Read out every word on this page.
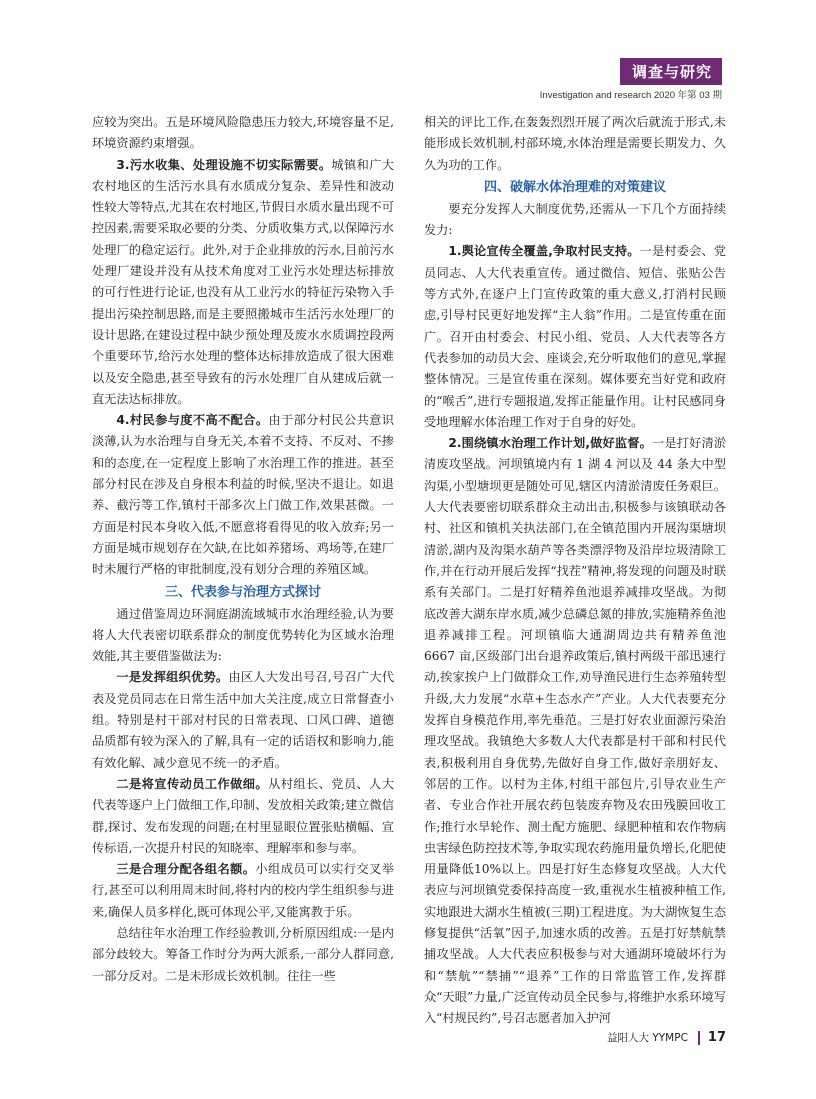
调查与研究
Investigation and research 2020 年第 03 期

应较为突出。五是环境风险隐患压力较大,环境容量不足,环境资源约束增强。

3.污水收集、处理设施不切实际需要。城镇和广大农村地区的生活污水具有水质成分复杂、差异性和波动性较大等特点,尤其在农村地区,节假日水质水量出现不可控因素,需要采取必要的分类、分质收集方式,以保障污水处理厂的稳定运行。此外,对于企业排放的污水,目前污水处理厂建设并没有从技术角度对工业污水处理达标排放的可行性进行论证,也没有从工业污水的特征污染物入手提出污染控制思路,而是主要照搬城市生活污水处理厂的设计思路,在建设过程中缺少预处理及废水水质调控段两个重要环节,给污水处理的整体达标排放造成了很大困难以及安全隐患,甚至导致有的污水处理厂自从建成后就一直无法达标排放。

4.村民参与度不高不配合。由于部分村民公共意识淡薄,认为水治理与自身无关,本着不支持、不反对、不掺和的态度,在一定程度上影响了水治理工作的推进。甚至部分村民在涉及自身根本利益的时候,坚决不退让。如退养、截污等工作,镇村干部多次上门做工作,效果甚微。一方面是村民本身收入低,不愿意将看得见的收入放弃;另一方面是城市规划存在欠缺,在比如养猪场、鸡场等,在建厂时未履行严格的审批制度,没有划分合理的养殖区域。

三、代表参与治理方式探讨

通过借鉴周边环洞庭湖流域城市水治理经验,认为要将人大代表密切联系群众的制度优势转化为区域水治理效能,其主要借鉴做法为:

一是发挥组织优势。由区人大发出号召,号召广大代表及党员同志在日常生活中加大关注度,成立日常督查小组。特别是村干部对村民的日常表现、口风口碑、道德品质都有较为深入的了解,具有一定的话语权和影响力,能有效化解、减少意见不统一的矛盾。

二是将宣传动员工作做细。从村组长、党员、人大代表等逐户上门做细工作,印制、发放相关政策;建立微信群,探讨、发布发现的问题;在村里显眼位置张贴横幅、宣传标语,一次提升村民的知晓率、理解率和参与率。

三是合理分配各组名额。小组成员可以实行交叉举行,甚至可以利用周末时间,将村内的校内学生组织参与进来,确保人员多样化,既可体现公平,又能寓教于乐。

总结往年水治理工作经验教训,分析原因组成:一是内部分歧较大。筹备工作时分为两大派系,一部分人群同意,一部分反对。二是未形成长效机制。往往一些

相关的评比工作,在轰轰烈烈开展了两次后就流于形式,未能形成长效机制,村部环境,水体治理是需要长期发力、久久为功的工作。

四、破解水体治理难的对策建议

要充分发挥人大制度优势,还需从一下几个方面持续发力:

1.舆论宣传全覆盖,争取村民支持。一是村委会、党员同志、人大代表重宣传。通过微信、短信、张贴公告等方式外,在逐户上门宣传政策的重大意义,打消村民顾虑,引导村民更好地发挥“主人翁”作用。二是宣传重在面广。召开由村委会、村民小组、党员、人大代表等各方代表参加的动员大会、座谈会,充分听取他们的意见,掌握整体情况。三是宣传重在深刻。媒体要充当好党和政府的“喉舌”,进行专题报道,发挥正能量作用。让村民感同身受地理解水体治理工作对于自身的好处。

2.围绕镇水治理工作计划,做好监督。一是打好清淤清废攻坚战。河坝镇境内有 1 湖 4 河以及 44 条大中型沟渠,小型塘坝更是随处可见,辖区内清淤清废任务艰巨。人大代表要密切联系群众主动出击,积极参与该镇联动各村、社区和镇机关执法部门,在全镇范围内开展沟渠塘坝清淤,湖内及沟渠水葫芦等各类漂浮物及沿岸垃圾清除工作,并在行动开展后发挥“找茬”精神,将发现的问题及时联系有关部门。二是打好精养鱼池退养减排攻坚战。为彻底改善大湖东岸水质,减少总磷总氮的排放,实施精养鱼池退养减排工程。河坝镇临大通湖周边共有精养鱼池 6667 亩,区级部门出台退养政策后,镇村两级干部迅速行动,挨家挨户上门做群众工作,劝导渔民进行生态养殖转型升级,大力发展“水草+生态水产”产业。人大代表要充分发挥自身模范作用,率先垂范。三是打好农业面源污染治理攻坚战。我镇绝大多数人大代表都是村干部和村民代表,积极利用自身优势,先做好自身工作,做好亲朋好友、邻居的工作。以村为主体,村组干部包片,引导农业生产者、专业合作社开展农药包装废弃物及农田残膜回收工作;推行水旱轮作、测土配方施肥、绿肥种植和农作物病虫害绿色防控技术等,争取实现农药施用量负增长,化肥使用量降低10%以上。四是打好生态修复攻坚战。人大代表应与河坝镇党委保持高度一致,重视水生植被种植工作,实地跟进大湖水生植被(三期)工程进度。为大湖恢复生态修复提供“活氧”因子,加速水质的改善。五是打好禁航禁捕攻坚战。人大代表应积极参与对大通湖环境破坏行为和“禁航”“禁捕”“退养”工作的日常监管工作,发挥群众“天眼”力量,广泛宣传动员全民参与,将维护水系环境写入“村规民约”,号召志愿者加入护河

益阳人大 YYMPC 17
